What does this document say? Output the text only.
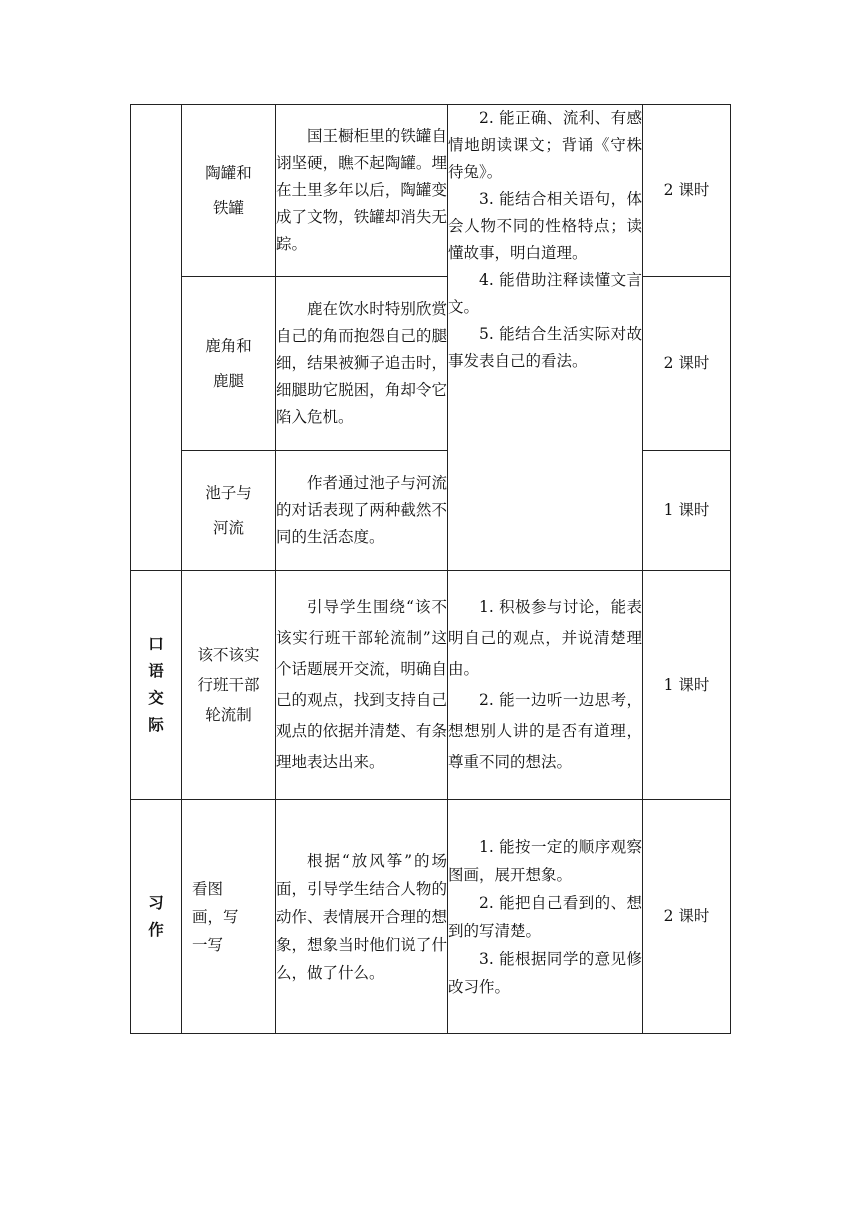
	陶罐和铁罐	国王橱柜里的铁罐自诩坚硬，瞧不起陶罐。埋在土里多年以后，陶罐变成了文物，铁罐却消失无踪。	2. 能正确、流利、有感情地朗读课文；背诵《守株待兔》。

3. 能结合相关语句，体会人物不同的性格特点；读懂故事，明白道理。

4. 能借助注释读懂文言文。

5. 能结合生活实际对故事发表自己的看法。	2 课时
	鹿角和鹿腿	鹿在饮水时特别欣赏自己的角而抱怨自己的腿细，结果被狮子追击时，细腿助它脱困，角却令它陷入危机。		2 课时
	池子与河流	作者通过池子与河流的对话表现了两种截然不同的生活态度。		1 课时
口语交际	该不该实行班干部轮流制	引导学生围绕“该不该实行班干部轮流制”这个话题展开交流，明确自己的观点，找到支持自己观点的依据并清楚、有条理地表达出来。	1. 积极参与讨论，能表明自己的观点，并说清楚理由。

2. 能一边听一边思考，想想别人讲的是否有道理，尊重不同的想法。	1 课时
习作	看图画，写一写	根据“放风筝”的场面，引导学生结合人物的动作、表情展开合理的想象，想象当时他们说了什么，做了什么。	1. 能按一定的顺序观察图画，展开想象。

2. 能把自己看到的、想到的写清楚。

3. 能根据同学的意见修改习作。	2 课时
